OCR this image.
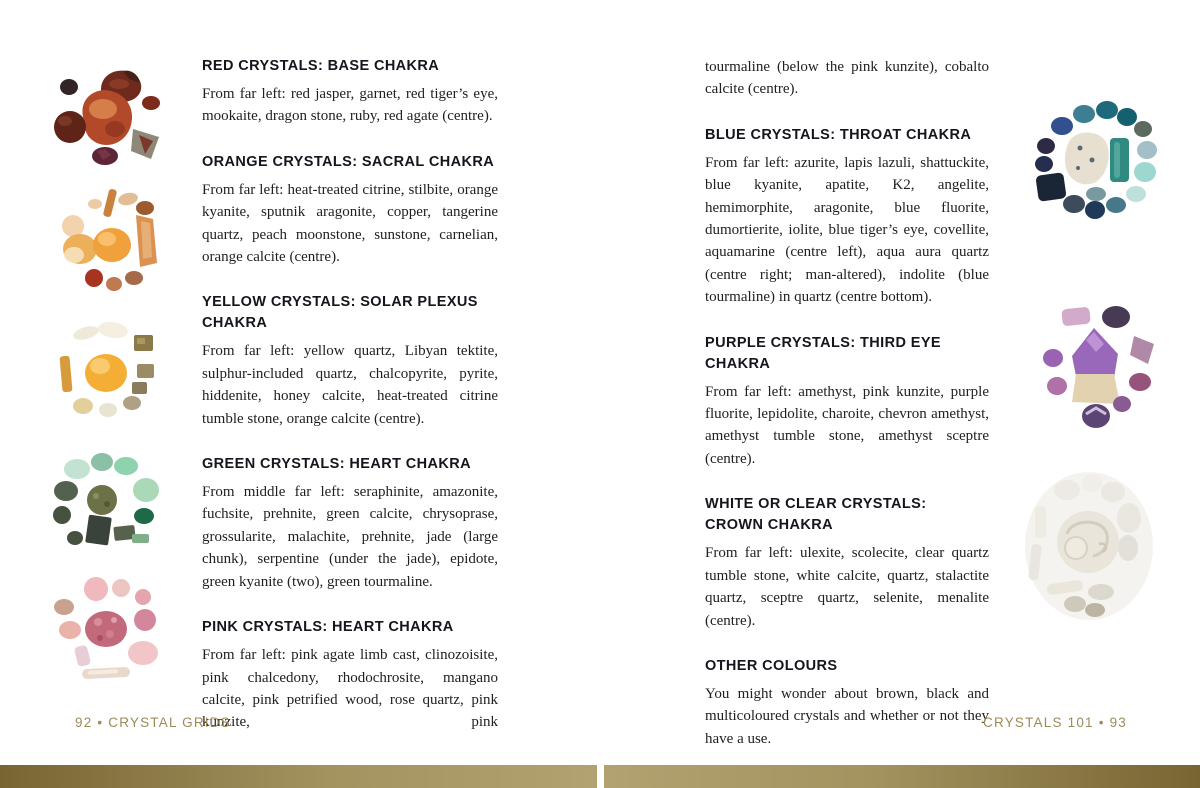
RED CRYSTALS: BASE CHAKRA

From far left: red jasper, garnet, red tiger’s eye, mookaite, dragon stone, ruby, red agate (centre).

ORANGE CRYSTALS: SACRAL CHAKRA

From far left: heat-treated citrine, stilbite, orange kyanite, sputnik aragonite, copper, tangerine quartz, peach moonstone, sunstone, carnelian, orange calcite (centre).

YELLOW CRYSTALS: SOLAR PLEXUS CHAKRA

From far left: yellow quartz, Libyan tektite, sulphur-included quartz, chalcopyrite, pyrite, hiddenite, honey calcite, heat-treated citrine tumble stone, orange calcite (centre).

GREEN CRYSTALS: HEART CHAKRA

From middle far left: seraphinite, amazonite, fuchsite, prehnite, green calcite, chrysoprase, grossularite, malachite, prehnite, jade (large chunk), serpentine (under the jade), epidote, green kyanite (two), green tourmaline.

PINK CRYSTALS: HEART CHAKRA

From far left: pink agate limb cast, clinozoisite, pink chalcedony, rhodochrosite, mangano calcite, pink petrified wood, rose quartz, pink kunzite, pink

tourmaline (below the pink kunzite), cobalto calcite (centre).

BLUE CRYSTALS: THROAT CHAKRA

From far left: azurite, lapis lazuli, shattuckite, blue kyanite, apatite, K2, angelite, hemimorphite, aragonite, blue fluorite, dumortierite, iolite, blue tiger’s eye, covellite, aquamarine (centre left), aqua aura quartz (centre right; man-altered), indolite (blue tourmaline) in quartz (centre bottom).

PURPLE CRYSTALS: THIRD EYE CHAKRA

From far left: amethyst, pink kunzite, purple fluorite, lepidolite, charoite, chevron amethyst, amethyst tumble stone, amethyst sceptre (centre).

WHITE OR CLEAR CRYSTALS: CROWN CHAKRA

From far left: ulexite, scolecite, clear quartz tumble stone, white calcite, quartz, stalactite quartz, sceptre quartz, selenite, menalite (centre).

OTHER COLOURS

You might wonder about brown, black and multicoloured crystals and whether or not they have a use.

92 • CRYSTAL GRIDS	CRYSTALS 101 • 93
